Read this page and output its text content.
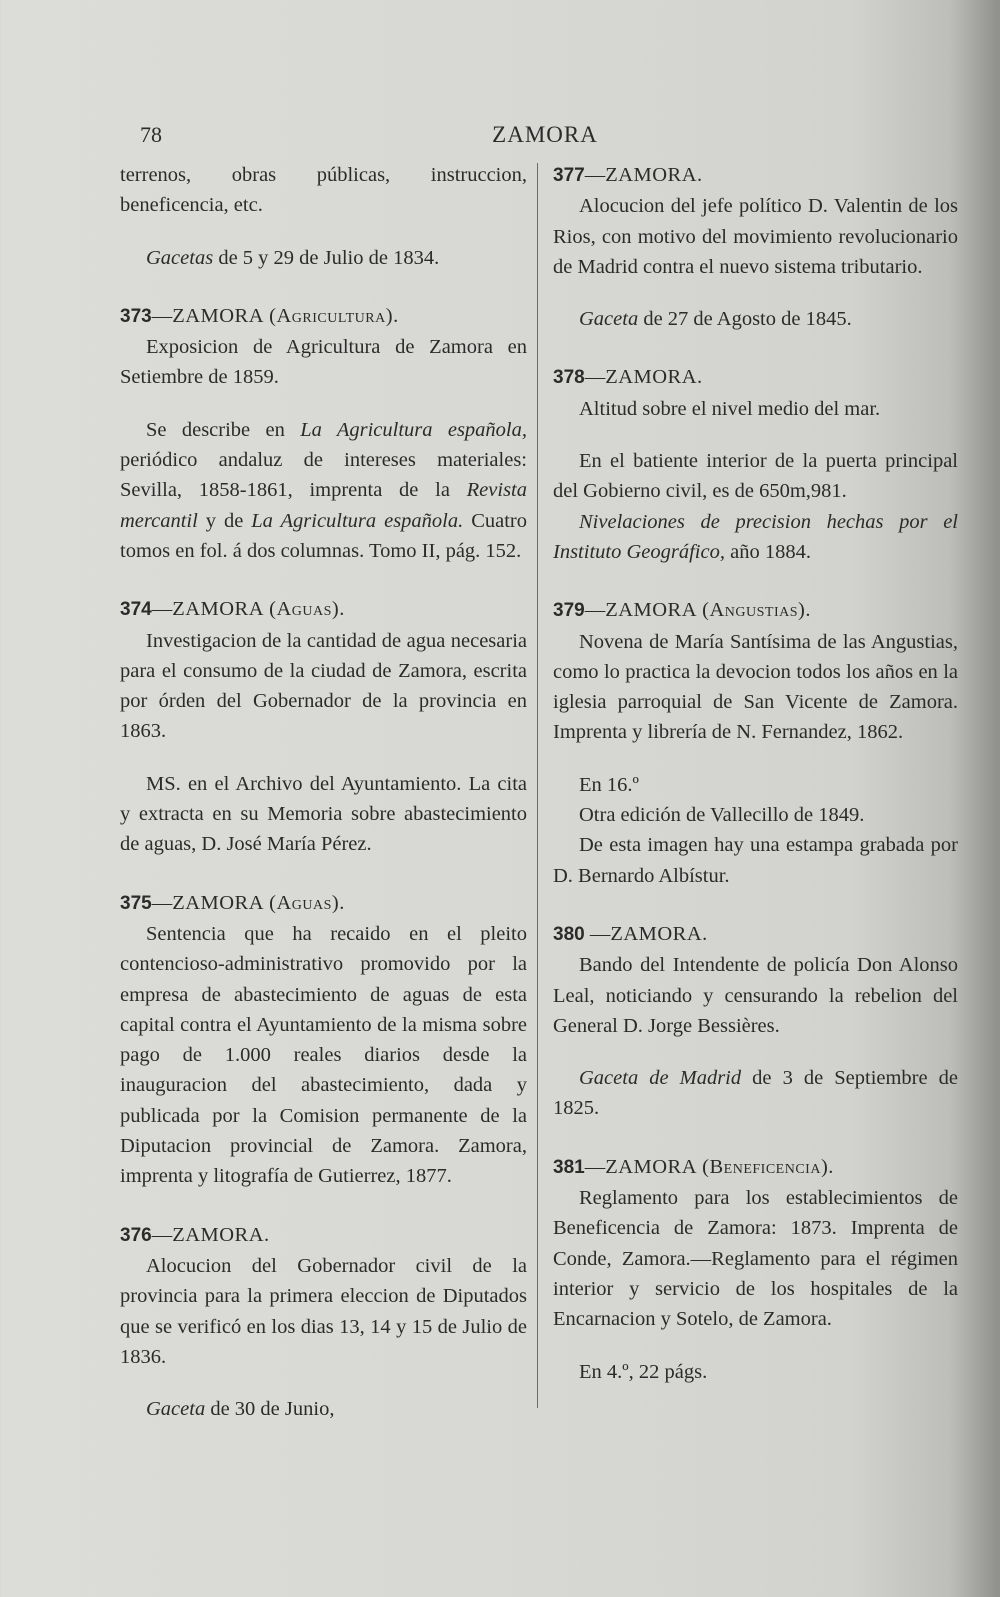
78	ZAMORA

terrenos, obras públicas, instruccion, beneficencia, etc.

Gacetas de 5 y 29 de Julio de 1834.

373—ZAMORA (Agricultura).

Exposicion de Agricultura de Zamora en Setiembre de 1859.

Se describe en La Agricultura española, periódico andaluz de intereses materiales: Sevilla, 1858-1861, imprenta de la Revista mercantil y de La Agricultura española. Cuatro tomos en fol. á dos columnas. Tomo II, pág. 152.

374—ZAMORA (Aguas).

Investigacion de la cantidad de agua necesaria para el consumo de la ciudad de Zamora, escrita por órden del Gobernador de la provincia en 1863.

MS. en el Archivo del Ayuntamiento. La cita y extracta en su Memoria sobre abastecimiento de aguas, D. José María Pérez.

375—ZAMORA (Aguas).

Sentencia que ha recaido en el pleito contencioso-administrativo promovido por la empresa de abastecimiento de aguas de esta capital contra el Ayuntamiento de la misma sobre pago de 1.000 reales diarios desde la inauguracion del abastecimiento, dada y publicada por la Comision permanente de la Diputacion provincial de Zamora. Zamora, imprenta y litografía de Gutierrez, 1877.

376—ZAMORA.

Alocucion del Gobernador civil de la provincia para la primera eleccion de Diputados que se verificó en los dias 13, 14 y 15 de Julio de 1836.

Gaceta de 30 de Junio,

377—ZAMORA.

Alocucion del jefe político D. Valentin de los Rios, con motivo del movimiento revolucionario de Madrid contra el nuevo sistema tributario.

Gaceta de 27 de Agosto de 1845.

378—ZAMORA.

Altitud sobre el nivel medio del mar.

En el batiente interior de la puerta principal del Gobierno civil, es de 650m,981.

Nivelaciones de precision hechas por el Instituto Geográfico, año 1884.

379—ZAMORA (Angustias).

Novena de María Santísima de las Angustias, como lo practica la devocion todos los años en la iglesia parroquial de San Vicente de Zamora. Imprenta y librería de N. Fernandez, 1862.

En 16.º

Otra edición de Vallecillo de 1849.

De esta imagen hay una estampa grabada por D. Bernardo Albístur.

380 —ZAMORA.

Bando del Intendente de policía Don Alonso Leal, noticiando y censurando la rebelion del General D. Jorge Bessières.

Gaceta de Madrid de 3 de Septiembre de 1825.

381—ZAMORA (Beneficencia).

Reglamento para los establecimientos de Beneficencia de Zamora: 1873. Imprenta de Conde, Zamora.—Reglamento para el régimen interior y servicio de los hospitales de la Encarnacion y Sotelo, de Zamora.

En 4.º, 22 págs.
